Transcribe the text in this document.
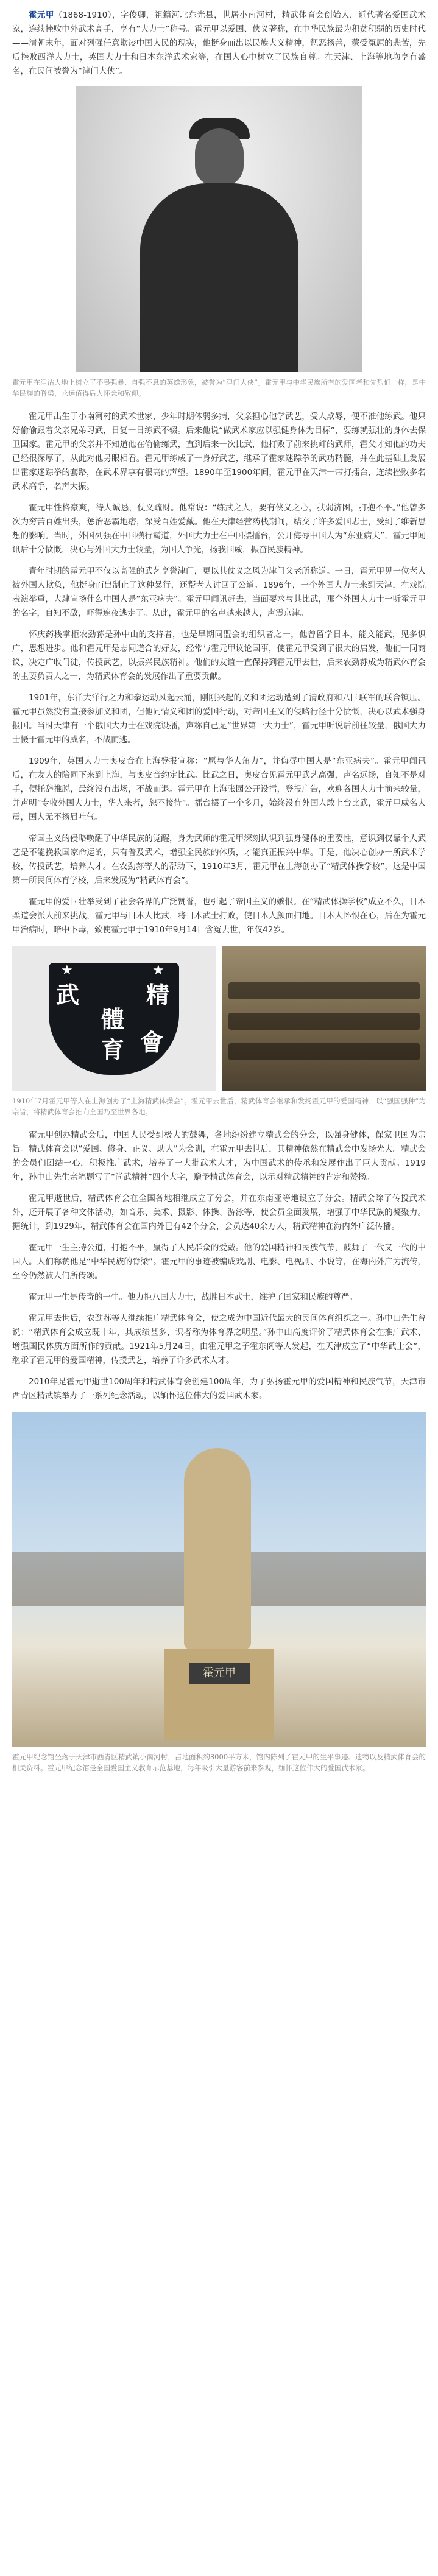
霍元甲（1868-1910），字俊卿，祖籍河北东光县，世居小南河村，精武体育会创始人，近代著名爱国武术家，连续挫败中外武术高手，享有“大力士”称号。霍元甲以爱国、侠义著称，在中华民族最为积贫积弱的历史时代——清朝末年，面对列强任意欺凌中国人民的现实，他挺身而出以民族大义精神，惩恶扬善，蒙受冤屈的悲苦，先后挫败西洋大力士，英国大力士和日本东洋武术家等，在国人心中树立了民族自尊。在天津、上海等地均享有盛名，在民间被誉为“津门大侠”。

霍元甲在津沽大地上树立了不畏强暴、自强不息的英雄形象，被誉为“津门大侠”。霍元甲与中华民族所有的爱国者和先烈们一样，是中华民族的脊梁，永远值得后人怀念和敬仰。

霍元甲出生于小南河村的武术世家，少年时期体弱多病，父亲担心他学武艺，受人欺辱，便不准他练武。他只好偷偷跟着父亲兄弟习武，日复一日练武不辍。后来他说“做武术家应以强健身体为目标”，要练就强壮的身体去保卫国家。霍元甲的父亲并不知道他在偷偷练武，直到后来一次比武，他打败了前来挑衅的武师，霍父才知他的功夫已经很深厚了，从此对他另眼相看。霍元甲练成了一身好武艺，继承了霍家迷踪拳的武功精髓，并在此基础上发展出霍家迷踪拳的套路，在武术界享有很高的声望。1890年至1900年间，霍元甲在天津一带打擂台，连续挫败多名武术高手，名声大振。

霍元甲性格豪爽，待人诚恳，仗义疏财。他常说：“练武之人，要有侠义之心，扶弱济困，打抱不平。”他曾多次为穷苦百姓出头，惩治恶霸地痞，深受百姓爱戴。他在天津经营药栈期间，结交了许多爱国志士，受到了维新思想的影响。当时，外国列强在中国横行霸道，外国大力士在中国摆擂台，公开侮辱中国人为“东亚病夫”，霍元甲闻讯后十分愤慨，决心与外国大力士较量，为国人争光，扬我国威，振奋民族精神。

青年时期的霍元甲不仅以高强的武艺享誉津门，更以其仗义之风为津门父老所称道。一日，霍元甲见一位老人被外国人欺负，他挺身而出制止了这种暴行，还帮老人讨回了公道。1896年，一个外国大力士来到天津，在戏院表演举重，大肆宣扬什么中国人是“东亚病夫”。霍元甲闻讯赶去，当面要求与其比武，那个外国大力士一听霍元甲的名字，自知不敌，吓得连夜逃走了。从此，霍元甲的名声越来越大，声震京津。

怀庆药栈掌柜农劲荪是孙中山的支持者，也是早期同盟会的组织者之一，他曾留学日本，能文能武，见多识广，思想进步。他和霍元甲是志同道合的好友，经常与霍元甲议论国事，使霍元甲受到了很大的启发，他们一同商议，决定广收门徒，传授武艺，以振兴民族精神。他们的友谊一直保持到霍元甲去世，后来农劲荪成为精武体育会的主要负责人之一，为精武体育会的发展作出了重要贡献。

1901年，东洋大洋行之力和拳运动风起云涌，刚刚兴起的义和团运动遭到了清政府和八国联军的联合镇压。霍元甲虽然没有直接参加义和团，但他同情义和团的爱国行动，对帝国主义的侵略行径十分愤慨，决心以武术强身报国。当时天津有一个俄国大力士在戏院设擂，声称自己是“世界第一大力士”，霍元甲听说后前往较量，俄国大力士慑于霍元甲的威名，不战而逃。

1909年，英国大力士奥皮音在上海登报宣称：“愿与华人角力”，并侮辱中国人是“东亚病夫”。霍元甲闻讯后，在友人的陪同下来到上海，与奥皮音约定比武。比武之日，奥皮音见霍元甲武艺高强，声名远扬，自知不是对手，便托辞推脱，最终没有出场，不战而退。霍元甲在上海张园公开设擂，登报广告，欢迎各国大力士前来较量，并声明“专收外国大力士，华人来者，恕不接待”。擂台摆了一个多月，始终没有外国人敢上台比武，霍元甲威名大震，国人无不扬眉吐气。

帝国主义的侵略唤醒了中华民族的觉醒，身为武师的霍元甲深刻认识到强身健体的重要性，意识到仅靠个人武艺是不能挽救国家命运的，只有普及武术，增强全民族的体质，才能真正振兴中华。于是，他决心创办一所武术学校，传授武艺，培养人才。在农劲荪等人的帮助下，1910年3月，霍元甲在上海创办了“精武体操学校”，这是中国第一所民间体育学校，后来发展为“精武体育会”。

霍元甲的爱国壮举受到了社会各界的广泛赞誉，也引起了帝国主义的嫉恨。在“精武体操学校”成立不久，日本柔道会派人前来挑战，霍元甲与日本人比武，将日本武士打败，使日本人颜面扫地。日本人怀恨在心，后在为霍元甲治病时，暗中下毒，致使霍元甲于1910年9月14日含冤去世，年仅42岁。

武	精
體
育 會
★	★

1910年7月霍元甲等人在上海创办了“上海精武体操会”。霍元甲去世后，精武体育会继承和发扬霍元甲的爱国精神，以“强国强种”为宗旨，将精武体育会推向全国乃至世界各地。

霍元甲创办精武会后，中国人民受到极大的鼓舞，各地纷纷建立精武会的分会，以强身健体，保家卫国为宗旨。精武体育会以“爱国、修身、正义、助人”为会训，在霍元甲去世后，其精神依然在精武会中发扬光大。精武会的会员们团结一心，积极推广武术，培养了一大批武术人才，为中国武术的传承和发展作出了巨大贡献。1919年，孙中山先生亲笔题写了“尚武精神”四个大字，赠予精武体育会，以示对精武精神的肯定和赞扬。

霍元甲逝世后，精武体育会在全国各地相继成立了分会，并在东南亚等地设立了分会。精武会除了传授武术外，还开展了各种文体活动，如音乐、美术、摄影、体操、游泳等，使会员全面发展，增强了中华民族的凝聚力。据统计，到1929年，精武体育会在国内外已有42个分会，会员达40余万人，精武精神在海内外广泛传播。

霍元甲一生主持公道，打抱不平，赢得了人民群众的爱戴。他的爱国精神和民族气节，鼓舞了一代又一代的中国人。人们称赞他是“中华民族的脊梁”。霍元甲的事迹被编成戏剧、电影、电视剧、小说等，在海内外广为流传，至今仍然被人们所传颂。

霍元甲一生是传奇的一生。他力拒八国大力士，战胜日本武士，维护了国家和民族的尊严。

霍元甲去世后，农劲荪等人继续推广精武体育会，使之成为中国近代最大的民间体育组织之一。孙中山先生曾说：“精武体育会成立既十年，其成绩甚多，识者称为体育界之明星。”孙中山高度评价了精武体育会在推广武术、增强国民体质方面所作的贡献。1921年5月24日，由霍元甲之子霍东阁等人发起，在天津成立了“中华武士会”，继承了霍元甲的爱国精神，传授武艺，培养了许多武术人才。

2010年是霍元甲逝世100周年和精武体育会创建100周年，为了弘扬霍元甲的爱国精神和民族气节，天津市西青区精武镇举办了一系列纪念活动，以缅怀这位伟大的爱国武术家。

霍元甲

霍元甲纪念馆坐落于天津市西青区精武镇小南河村，占地面积约3000平方米，馆内陈列了霍元甲的生平事迹、遗物以及精武体育会的相关资料。霍元甲纪念馆是全国爱国主义教育示范基地，每年吸引大量游客前来参观，缅怀这位伟大的爱国武术家。
